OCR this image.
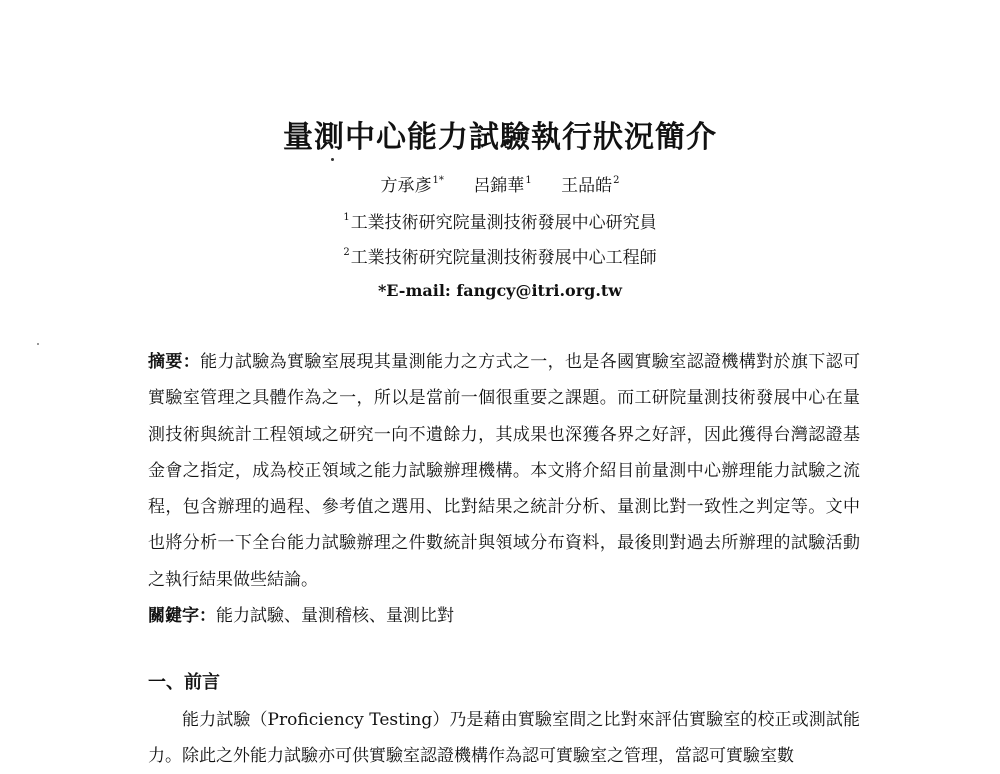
量測中心能力試驗執行狀況簡介
方承彥$^{1*}$ 呂錦華$^1$ 王品皓$^2$
$^1$工業技術研究院量測技術發展中心研究員
$^2$工業技術研究院量測技術發展中心工程師
*E-mail: fangcy@itri.org.tw
摘要：能力試驗為實驗室展現其量測能力之方式之一，也是各國實驗室認證機構對於旗下認可實驗室管理之具體作為之一，所以是當前一個很重要之課題。而工研院量測技術發展中心在量測技術與統計工程領域之研究一向不遺餘力，其成果也深獲各界之好評，因此獲得台灣認證基金會之指定，成為校正領域之能力試驗辦理機構。本文將介紹目前量測中心辦理能力試驗之流程，包含辦理的過程、參考值之選用、比對結果之統計分析、量測比對一致性之判定等。文中也將分析一下全台能力試驗辦理之件數統計與領域分布資料，最後則對過去所辦理的試驗活動之執行結果做些結論。
關鍵字：能力試驗、量測稽核、量測比對
一、前言
能力試驗（Proficiency Testing）乃是藉由實驗室間之比對來評估實驗室的校正或測試能力。除此之外能力試驗亦可供實驗室認證機構作為認可實驗室之管理，當認可實驗室數
